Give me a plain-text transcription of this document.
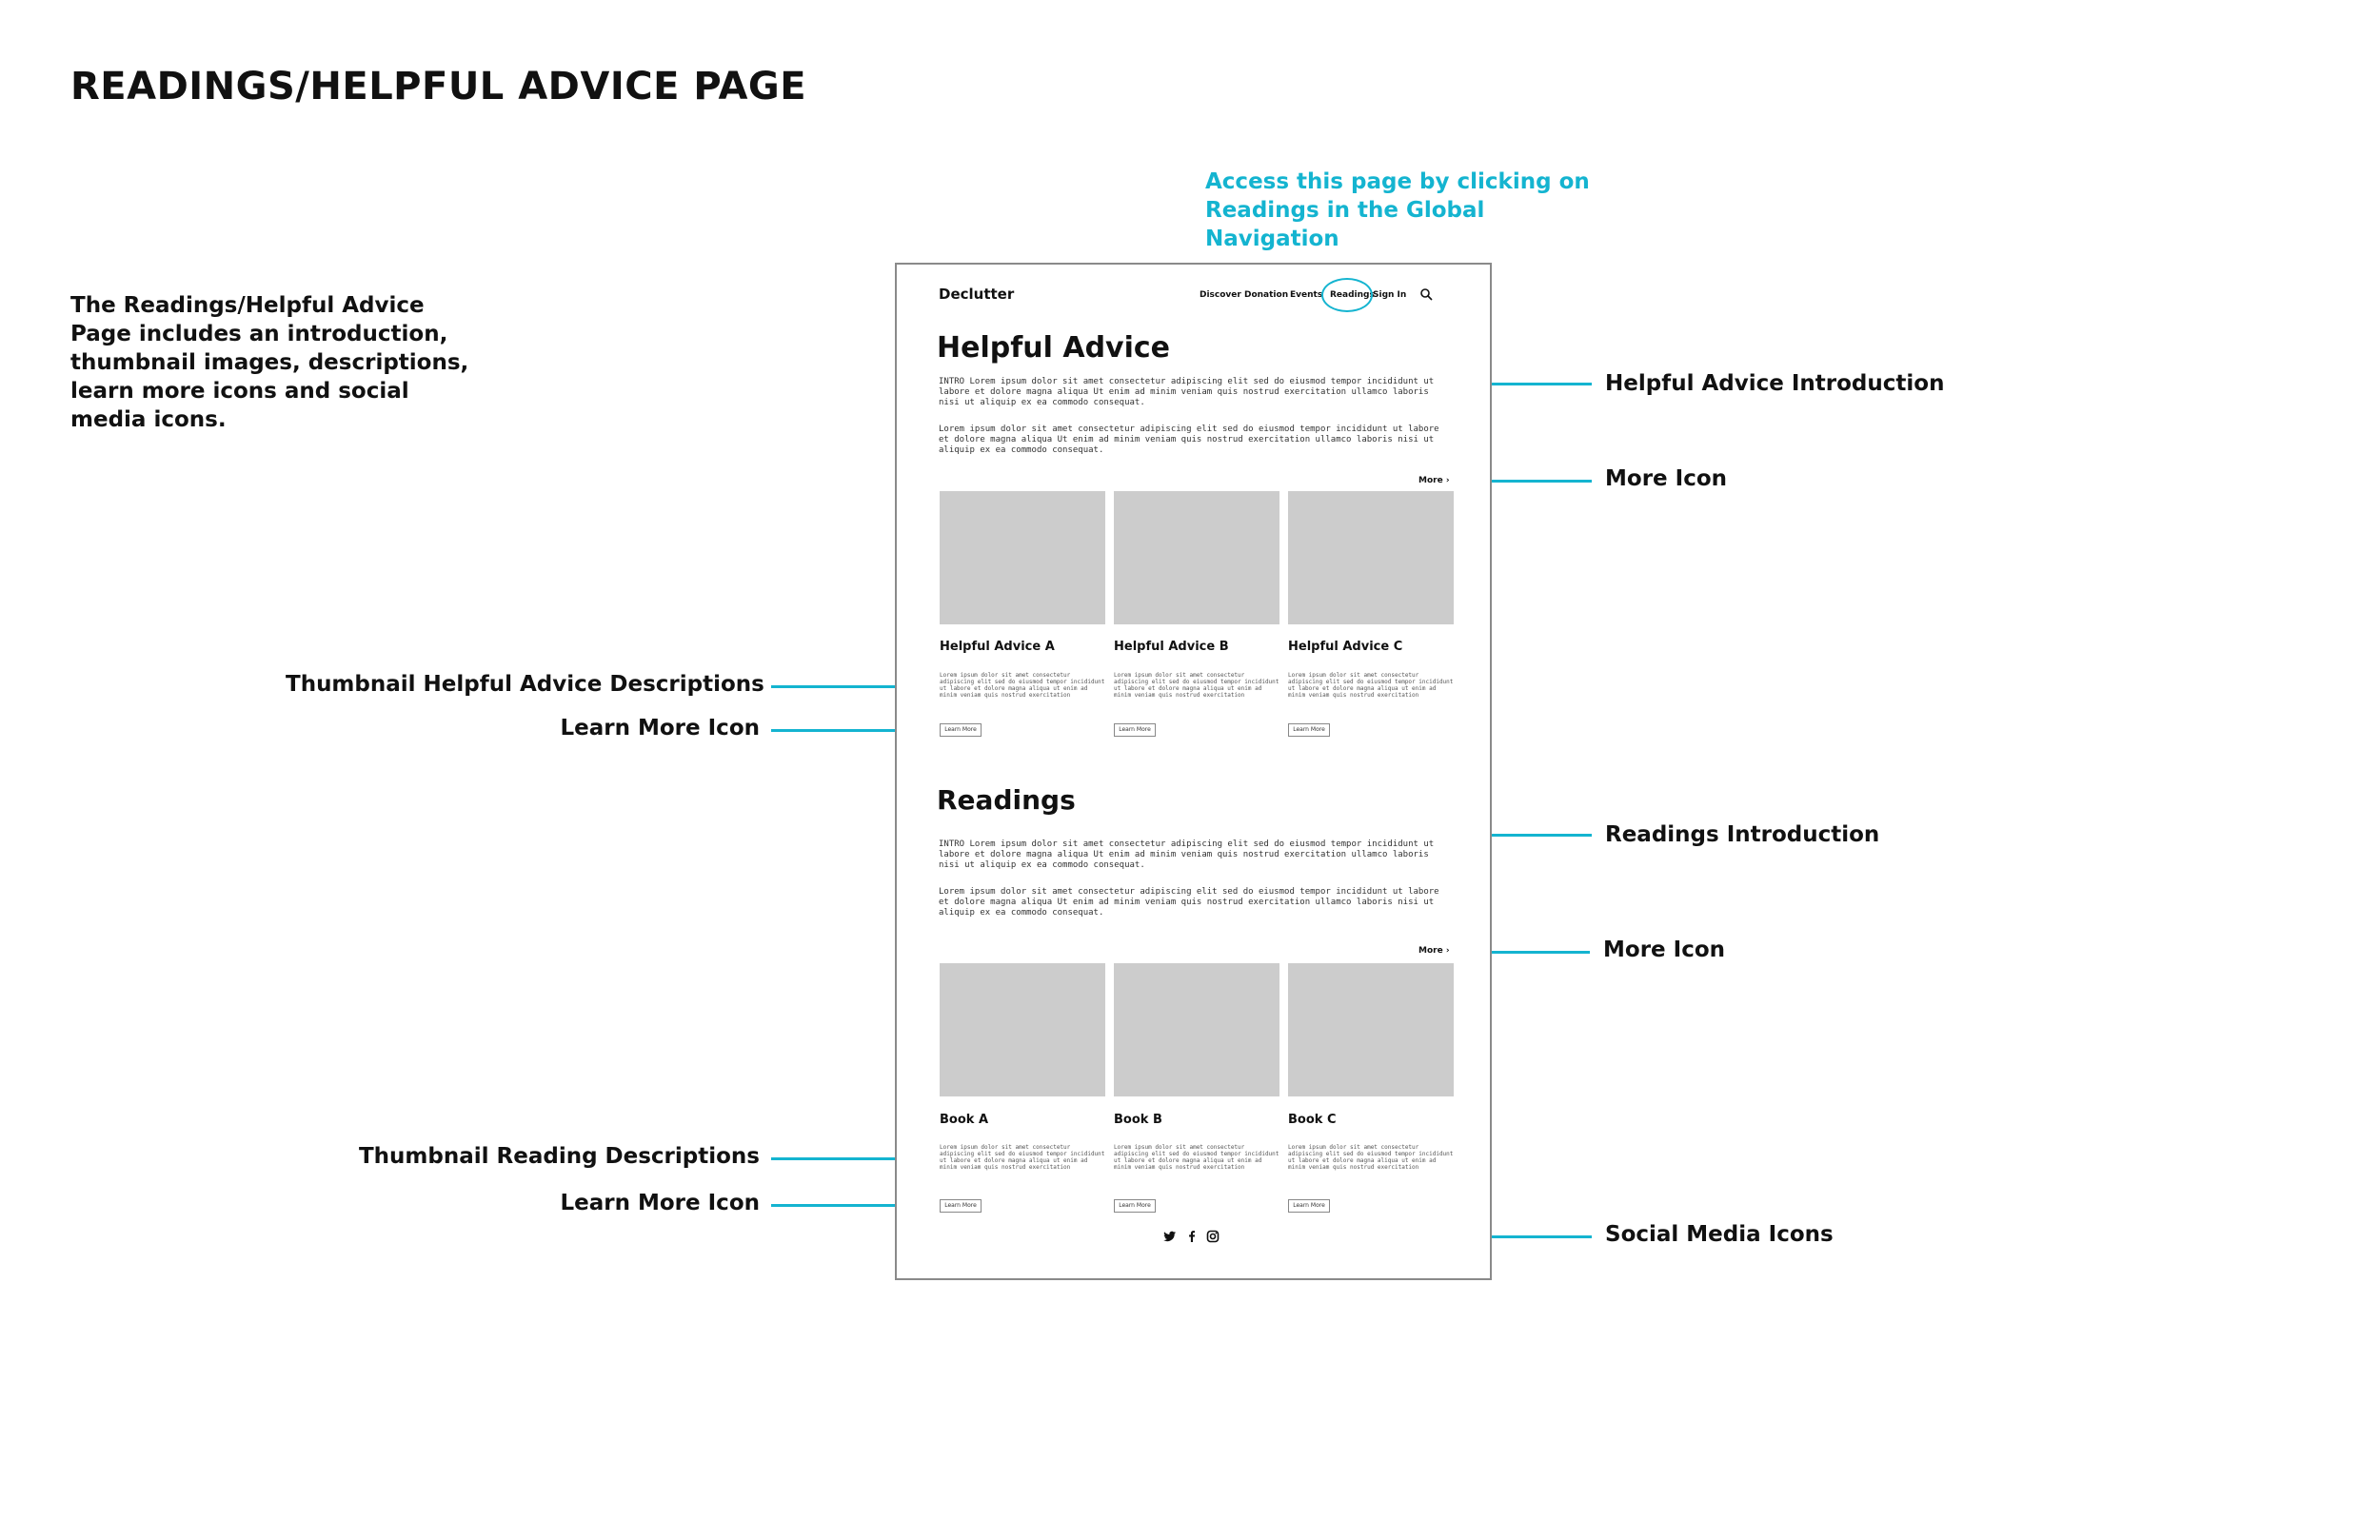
READINGS/HELPFUL ADVICE PAGE
The Readings/Helpful Advice Page includes an introduction, thumbnail images, descriptions, learn more icons and social media icons.
Access this page by clicking on Readings in the Global Navigation
Helpful Advice Introduction
More Icon
Readings Introduction
More Icon
Social Media Icons
Thumbnail Helpful Advice Descriptions
Learn More Icon
Thumbnail Reading Descriptions
Learn More Icon
Declutter	Discover Donation Events Readings
Sign In
Helpful Advice
INTRO Lorem ipsum dolor sit amet consectetur adipiscing elit sed do eiusmod tempor incididunt ut labore et dolore magna aliqua Ut enim ad minim veniam quis nostrud exercitation ullamco laboris nisi ut aliquip ex ea commodo consequat.
Lorem ipsum dolor sit amet consectetur adipiscing elit sed do eiusmod tempor incididunt ut labore et dolore magna aliqua Ut enim ad minim veniam quis nostrud exercitation ullamco laboris nisi ut aliquip ex ea commodo consequat.
More ›
Helpful Advice A	Helpful Advice B	Helpful Advice C
Lorem ipsum dolor sit amet consectetur adipiscing elit sed do eiusmod tempor incididunt ut labore et dolore magna aliqua ut enim ad minim veniam quis nostrud exercitation
Lorem ipsum dolor sit amet consectetur adipiscing elit sed do eiusmod tempor incididunt ut labore et dolore magna aliqua ut enim ad minim veniam quis nostrud exercitation
Lorem ipsum dolor sit amet consectetur adipiscing elit sed do eiusmod tempor incididunt ut labore et dolore magna aliqua ut enim ad minim veniam quis nostrud exercitation
Learn More	Learn More	Learn More
Readings
INTRO Lorem ipsum dolor sit amet consectetur adipiscing elit sed do eiusmod tempor incididunt ut labore et dolore magna aliqua Ut enim ad minim veniam quis nostrud exercitation ullamco laboris nisi ut aliquip ex ea commodo consequat.
Lorem ipsum dolor sit amet consectetur adipiscing elit sed do eiusmod tempor incididunt ut labore et dolore magna aliqua Ut enim ad minim veniam quis nostrud exercitation ullamco laboris nisi ut aliquip ex ea commodo consequat.
More ›
Book A	Book B	Book C
Lorem ipsum dolor sit amet consectetur adipiscing elit sed do eiusmod tempor incididunt ut labore et dolore magna aliqua ut enim ad minim veniam quis nostrud exercitation
Lorem ipsum dolor sit amet consectetur adipiscing elit sed do eiusmod tempor incididunt ut labore et dolore magna aliqua ut enim ad minim veniam quis nostrud exercitation
Lorem ipsum dolor sit amet consectetur adipiscing elit sed do eiusmod tempor incididunt ut labore et dolore magna aliqua ut enim ad minim veniam quis nostrud exercitation
Learn More	Learn More	Learn More
